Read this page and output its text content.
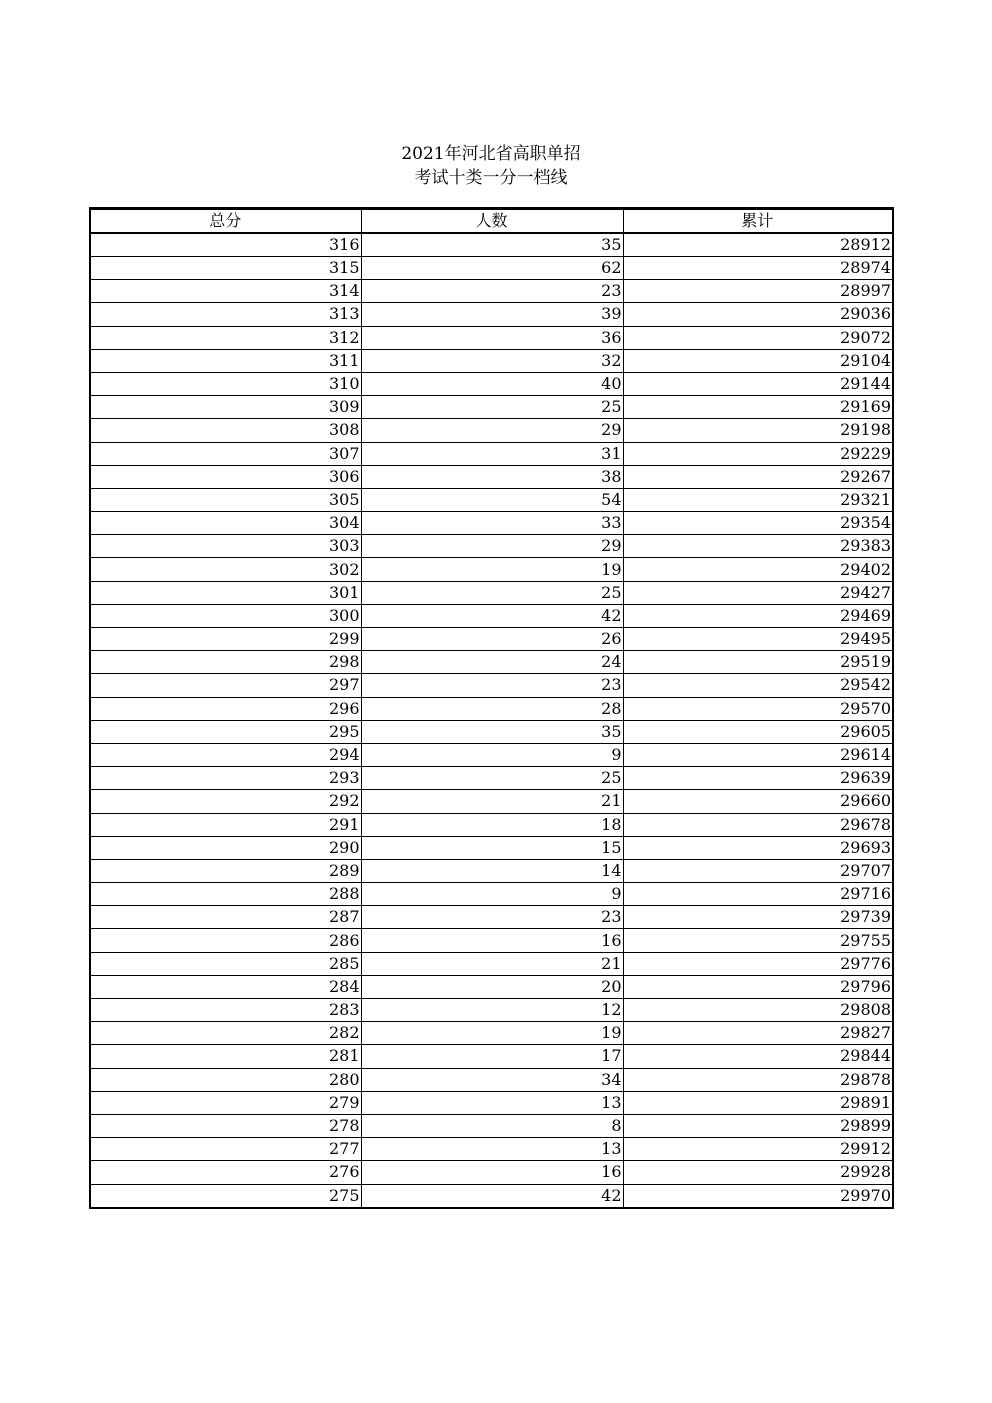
2021年河北省高职单招
考试十类一分一档线
总分	人数	累计
316	35	28912
315	62	28974
314	23	28997
313	39	29036
312	36	29072
311	32	29104
310	40	29144
309	25	29169
308	29	29198
307	31	29229
306	38	29267
305	54	29321
304	33	29354
303	29	29383
302	19	29402
301	25	29427
300	42	29469
299	26	29495
298	24	29519
297	23	29542
296	28	29570
295	35	29605
294	9	29614
293	25	29639
292	21	29660
291	18	29678
290	15	29693
289	14	29707
288	9	29716
287	23	29739
286	16	29755
285	21	29776
284	20	29796
283	12	29808
282	19	29827
281	17	29844
280	34	29878
279	13	29891
278	8	29899
277	13	29912
276	16	29928
275	42	29970
